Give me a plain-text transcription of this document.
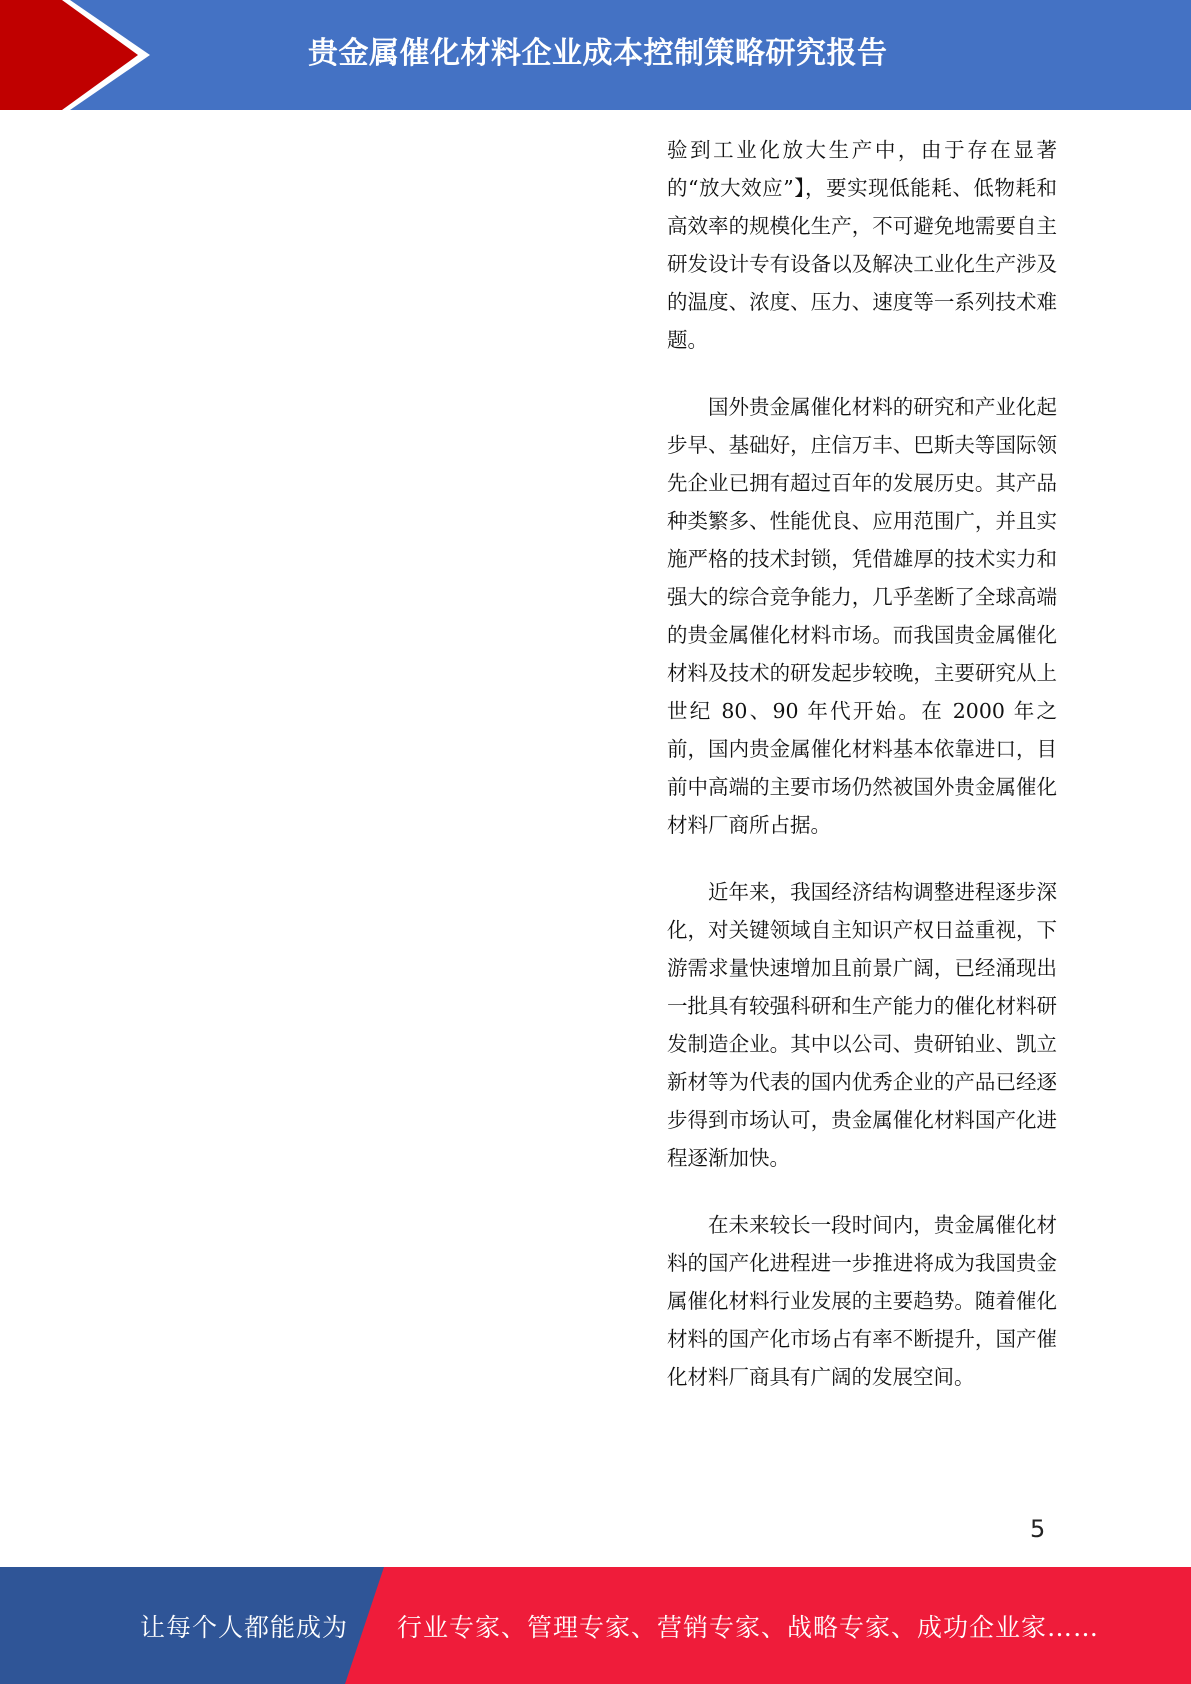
贵金属催化材料企业成本控制策略研究报告

验到工业化放大生产中，由于存在显著的“放大效应”】，要实现低能耗、低物耗和高效率的规模化生产，不可避免地需要自主研发设计专有设备以及解决工业化生产涉及的温度、浓度、压力、速度等一系列技术难题。

国外贵金属催化材料的研究和产业化起步早、基础好，庄信万丰、巴斯夫等国际领先企业已拥有超过百年的发展历史。其产品种类繁多、性能优良、应用范围广，并且实施严格的技术封锁，凭借雄厚的技术实力和强大的综合竞争能力，几乎垄断了全球高端的贵金属催化材料市场。而我国贵金属催化材料及技术的研发起步较晚，主要研究从上世纪 80、90 年代开始。在 2000 年之前，国内贵金属催化材料基本依靠进口，目前中高端的主要市场仍然被国外贵金属催化材料厂商所占据。

近年来，我国经济结构调整进程逐步深化，对关键领域自主知识产权日益重视，下游需求量快速增加且前景广阔，已经涌现出一批具有较强科研和生产能力的催化材料研发制造企业。其中以公司、贵研铂业、凯立新材等为代表的国内优秀企业的产品已经逐步得到市场认可，贵金属催化材料国产化进程逐渐加快。

在未来较长一段时间内，贵金属催化材料的国产化进程进一步推进将成为我国贵金属催化材料行业发展的主要趋势。随着催化材料的国产化市场占有率不断提升，国产催化材料厂商具有广阔的发展空间。

5
让每个人都能成为 行业专家、管理专家、营销专家、战略专家、成功企业家……
